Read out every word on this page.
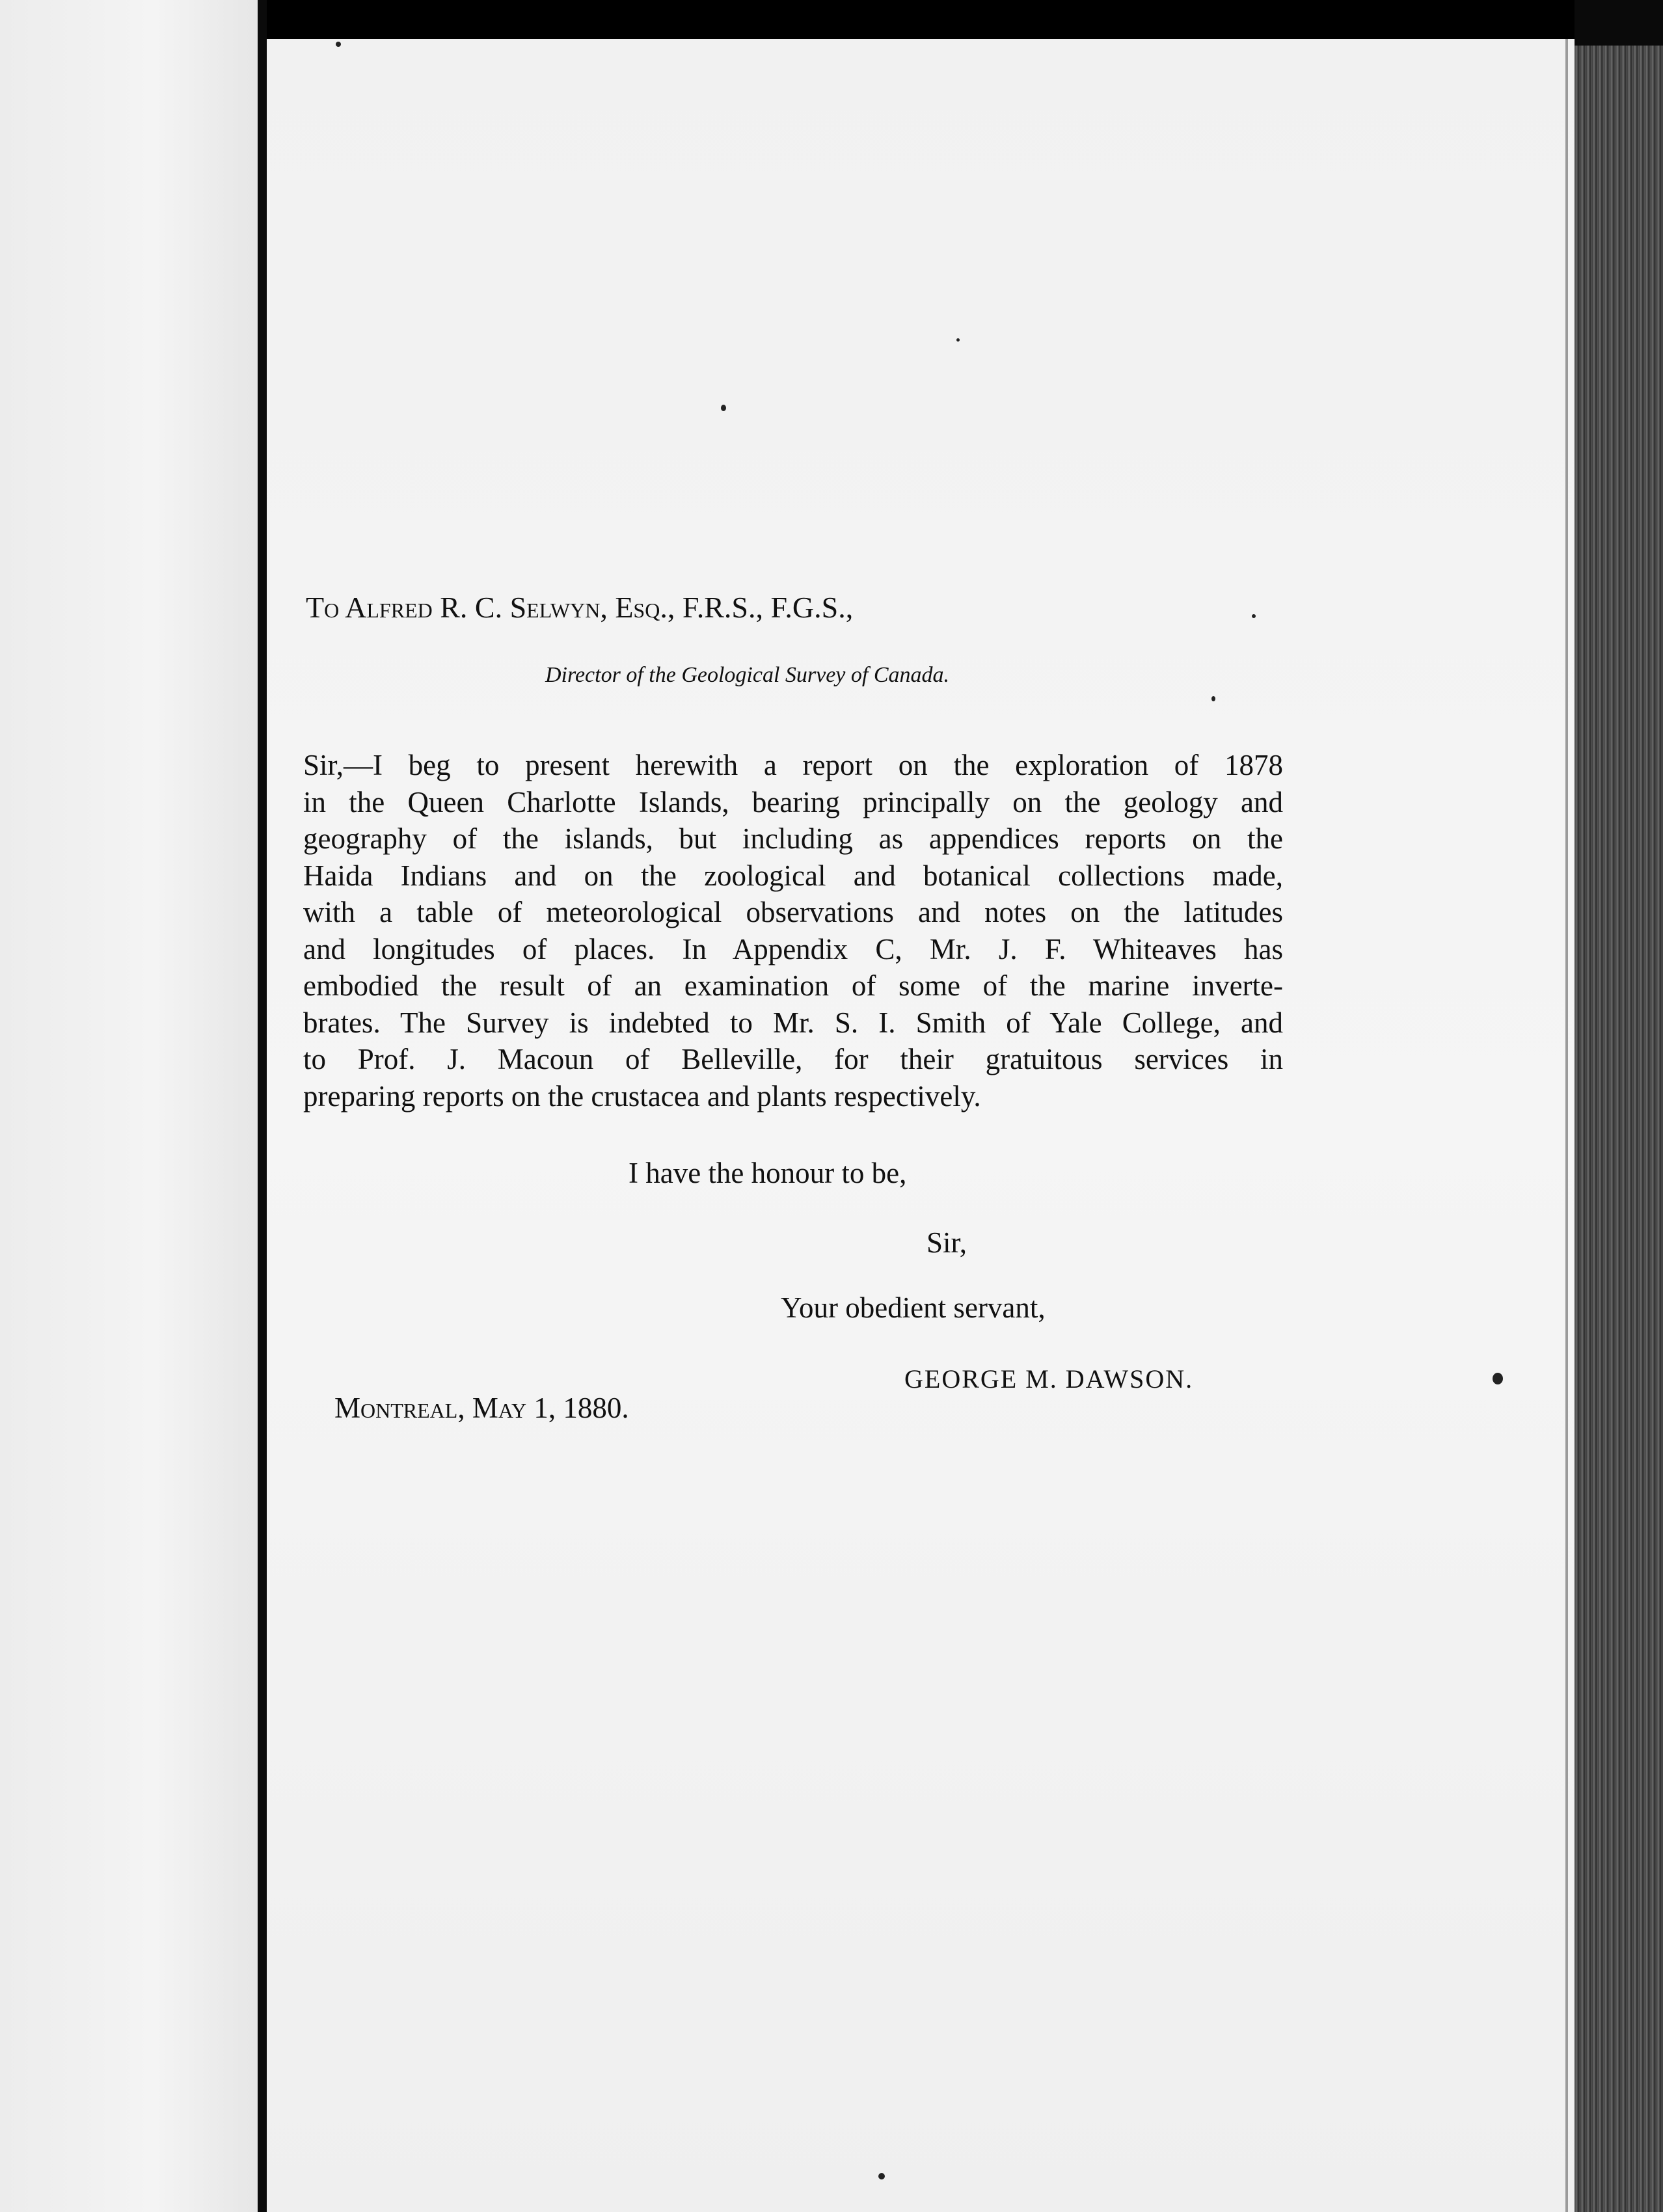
To Alfred R. C. Selwyn, Esq., F.R.S., F.G.S.,
Director of the Geological Survey of Canada.
Sir,—I beg to present herewith a report on the exploration of 1878
in the Queen Charlotte Islands, bearing principally on the geology and
geography of the islands, but including as appendices reports on the
Haida Indians and on the zoological and botanical collections made,
with a table of meteorological observations and notes on the latitudes
and longitudes of places. In Appendix C, Mr. J. F. Whiteaves has
embodied the result of an examination of some of the marine inverte-
brates. The Survey is indebted to Mr. S. I. Smith of Yale College, and
to Prof. J. Macoun of Belleville, for their gratuitous services in
preparing reports on the crustacea and plants respectively.
I have the honour to be,
Sir,
Your obedient servant,
GEORGE M. DAWSON.
Montreal, May 1, 1880.
